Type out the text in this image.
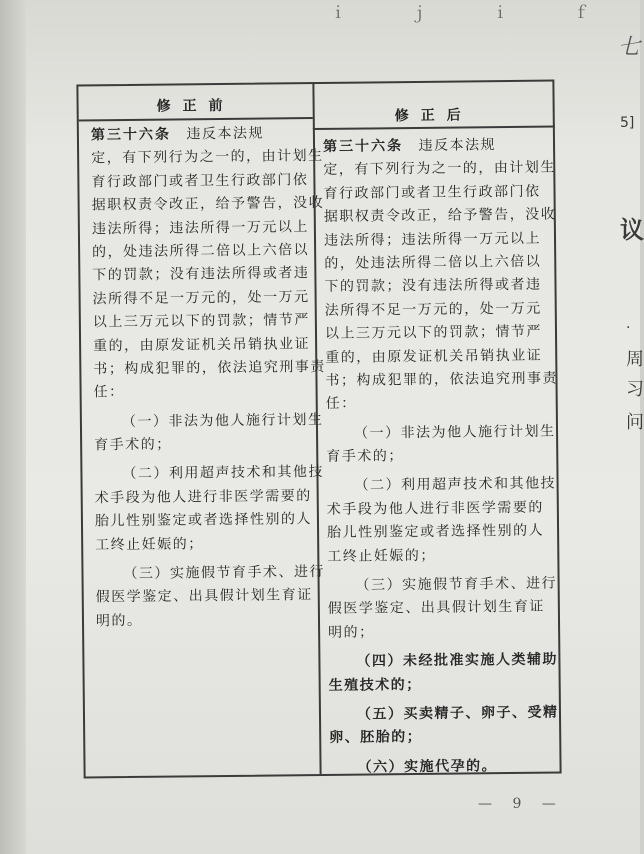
ｉ ｊ ｉ ｆ
七
5]
议
·
周
习
问
修正前
修正后
第三十六条　违反本法规
定，有下列行为之一的，由计划生
育行政部门或者卫生行政部门依
据职权责令改正，给予警告，没收
违法所得；违法所得一万元以上
的，处违法所得二倍以上六倍以
下的罚款；没有违法所得或者违
法所得不足一万元的，处一万元
以上三万元以下的罚款；情节严
重的，由原发证机关吊销执业证
书；构成犯罪的，依法追究刑事责
任：
（一）非法为他人施行计划生
育手术的；
（二）利用超声技术和其他技
术手段为他人进行非医学需要的
胎儿性别鉴定或者选择性别的人
工终止妊娠的；
（三）实施假节育手术、进行
假医学鉴定、出具假计划生育证
明的。
第三十六条　违反本法规
定，有下列行为之一的，由计划生
育行政部门或者卫生行政部门依
据职权责令改正，给予警告，没收
违法所得；违法所得一万元以上
的，处违法所得二倍以上六倍以
下的罚款；没有违法所得或者违
法所得不足一万元的，处一万元
以上三万元以下的罚款；情节严
重的，由原发证机关吊销执业证
书；构成犯罪的，依法追究刑事责
任：
（一）非法为他人施行计划生
育手术的；
（二）利用超声技术和其他技
术手段为他人进行非医学需要的
胎儿性别鉴定或者选择性别的人
工终止妊娠的；
（三）实施假节育手术、进行
假医学鉴定、出具假计划生育证
明的；
（四）未经批准实施人类辅助
生殖技术的；
（五）买卖精子、卵子、受精
卵、胚胎的；
（六）实施代孕的。
— 9 —
